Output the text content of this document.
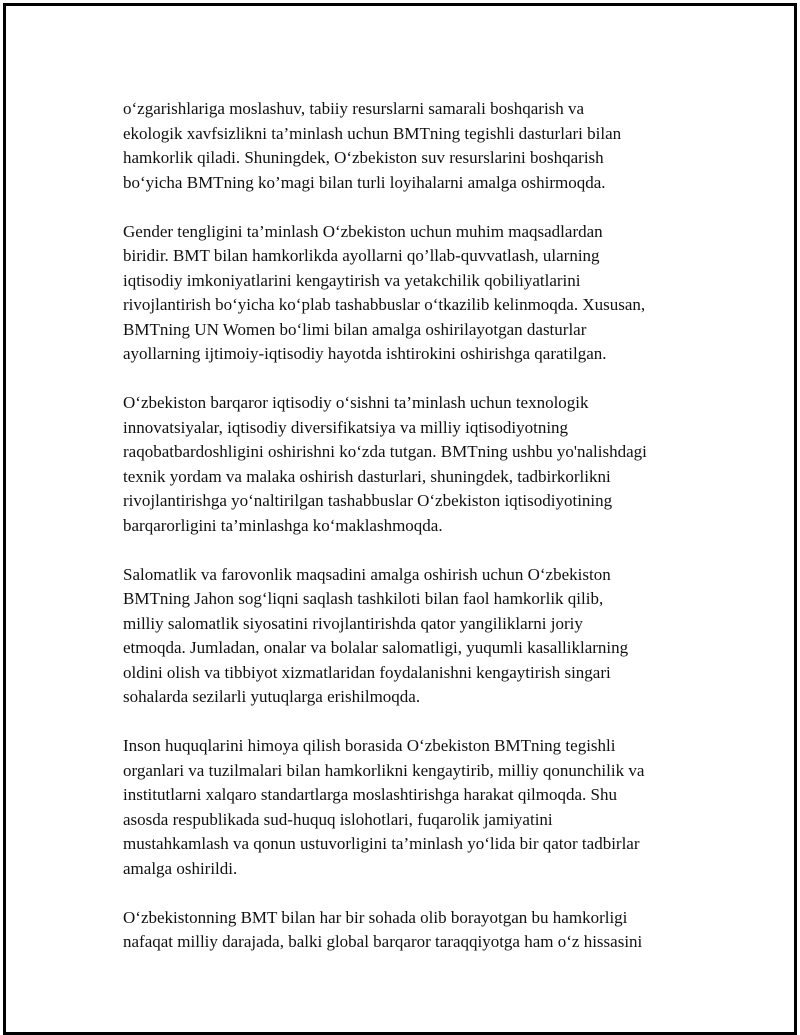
o‘zgarishlariga moslashuv, tabiiy resurslarni samarali boshqarish va
ekologik xavfsizlikni ta’minlash uchun BMTning tegishli dasturlari bilan
hamkorlik qiladi. Shuningdek, O‘zbekiston suv resurslarini boshqarish
bo‘yicha BMTning ko’magi bilan turli loyihalarni amalga oshirmoqda.

Gender tengligini ta’minlash O‘zbekiston uchun muhim maqsadlardan
biridir. BMT bilan hamkorlikda ayollarni qo’llab-quvvatlash, ularning
iqtisodiy imkoniyatlarini kengaytirish va yetakchilik qobiliyatlarini
rivojlantirish bo‘yicha ko‘plab tashabbuslar o‘tkazilib kelinmoqda. Xususan,
BMTning UN Women bo‘limi bilan amalga oshirilayotgan dasturlar
ayollarning ijtimoiy-iqtisodiy hayotda ishtirokini oshirishga qaratilgan.

O‘zbekiston barqaror iqtisodiy o‘sishni ta’minlash uchun texnologik
innovatsiyalar, iqtisodiy diversifikatsiya va milliy iqtisodiyotning
raqobatbardoshligini oshirishni ko‘zda tutgan. BMTning ushbu yo'nalishdagi
texnik yordam va malaka oshirish dasturlari, shuningdek, tadbirkorlikni
rivojlantirishga yo‘naltirilgan tashabbuslar O‘zbekiston iqtisodiyotining
barqarorligini ta’minlashga ko‘maklashmoqda.

Salomatlik va farovonlik maqsadini amalga oshirish uchun O‘zbekiston
BMTning Jahon sog‘liqni saqlash tashkiloti bilan faol hamkorlik qilib,
milliy salomatlik siyosatini rivojlantirishda qator yangiliklarni joriy
etmoqda. Jumladan, onalar va bolalar salomatligi, yuqumli kasalliklarning
oldini olish va tibbiyot xizmatlaridan foydalanishni kengaytirish singari
sohalarda sezilarli yutuqlarga erishilmoqda.

Inson huquqlarini himoya qilish borasida O‘zbekiston BMTning tegishli
organlari va tuzilmalari bilan hamkorlikni kengaytirib, milliy qonunchilik va
institutlarni xalqaro standartlarga moslashtirishga harakat qilmoqda. Shu
asosda respublikada sud-huquq islohotlari, fuqarolik jamiyatini
mustahkamlash va qonun ustuvorligini ta’minlash yo‘lida bir qator tadbirlar
amalga oshirildi.

O‘zbekistonning BMT bilan har bir sohada olib borayotgan bu hamkorligi
nafaqat milliy darajada, balki global barqaror taraqqiyotga ham o‘z hissasini
